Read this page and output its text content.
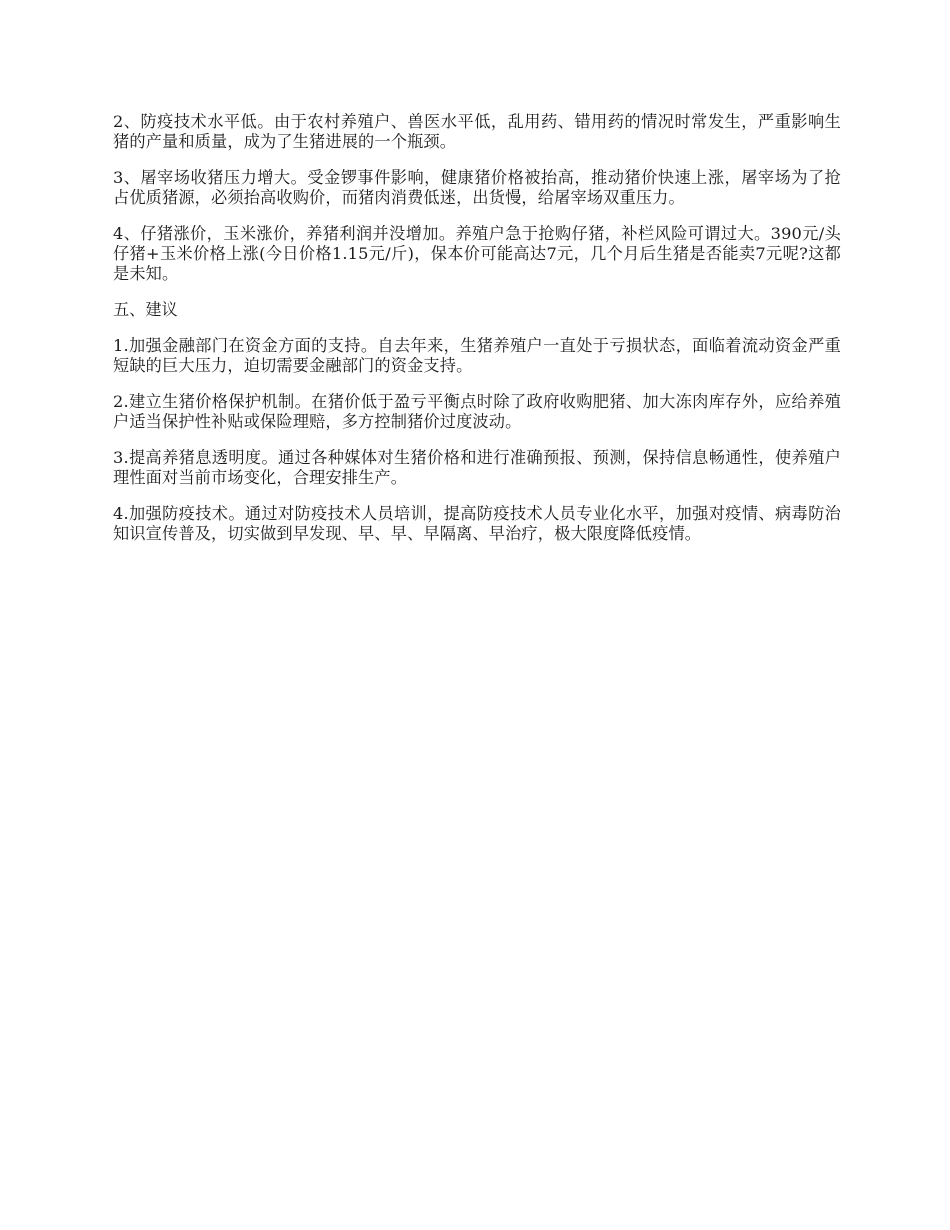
2、防疫技术水平低。由于农村养殖户、兽医水平低，乱用药、错用药的情况时常发生，严重影响生猪的产量和质量，成为了生猪进展的一个瓶颈。

3、屠宰场收猪压力增大。受金锣事件影响，健康猪价格被抬高，推动猪价快速上涨，屠宰场为了抢占优质猪源，必须抬高收购价，而猪肉消费低迷，出货慢，给屠宰场双重压力。

4、仔猪涨价，玉米涨价，养猪利润并没增加。养殖户急于抢购仔猪，补栏风险可谓过大。390元/头仔猪+玉米价格上涨(今日价格1.15元/斤)，保本价可能高达7元，几个月后生猪是否能卖7元呢?这都是未知。

五、建议

1.加强金融部门在资金方面的支持。自去年来，生猪养殖户一直处于亏损状态，面临着流动资金严重短缺的巨大压力，迫切需要金融部门的资金支持。

2.建立生猪价格保护机制。在猪价低于盈亏平衡点时除了政府收购肥猪、加大冻肉库存外，应给养殖户适当保护性补贴或保险理赔，多方控制猪价过度波动。

3.提高养猪息透明度。通过各种媒体对生猪价格和进行准确预报、预测，保持信息畅通性，使养殖户理性面对当前市场变化，合理安排生产。

4.加强防疫技术。通过对防疫技术人员培训，提高防疫技术人员专业化水平，加强对疫情、病毒防治知识宣传普及，切实做到早发现、早、早、早隔离、早治疗，极大限度降低疫情。
